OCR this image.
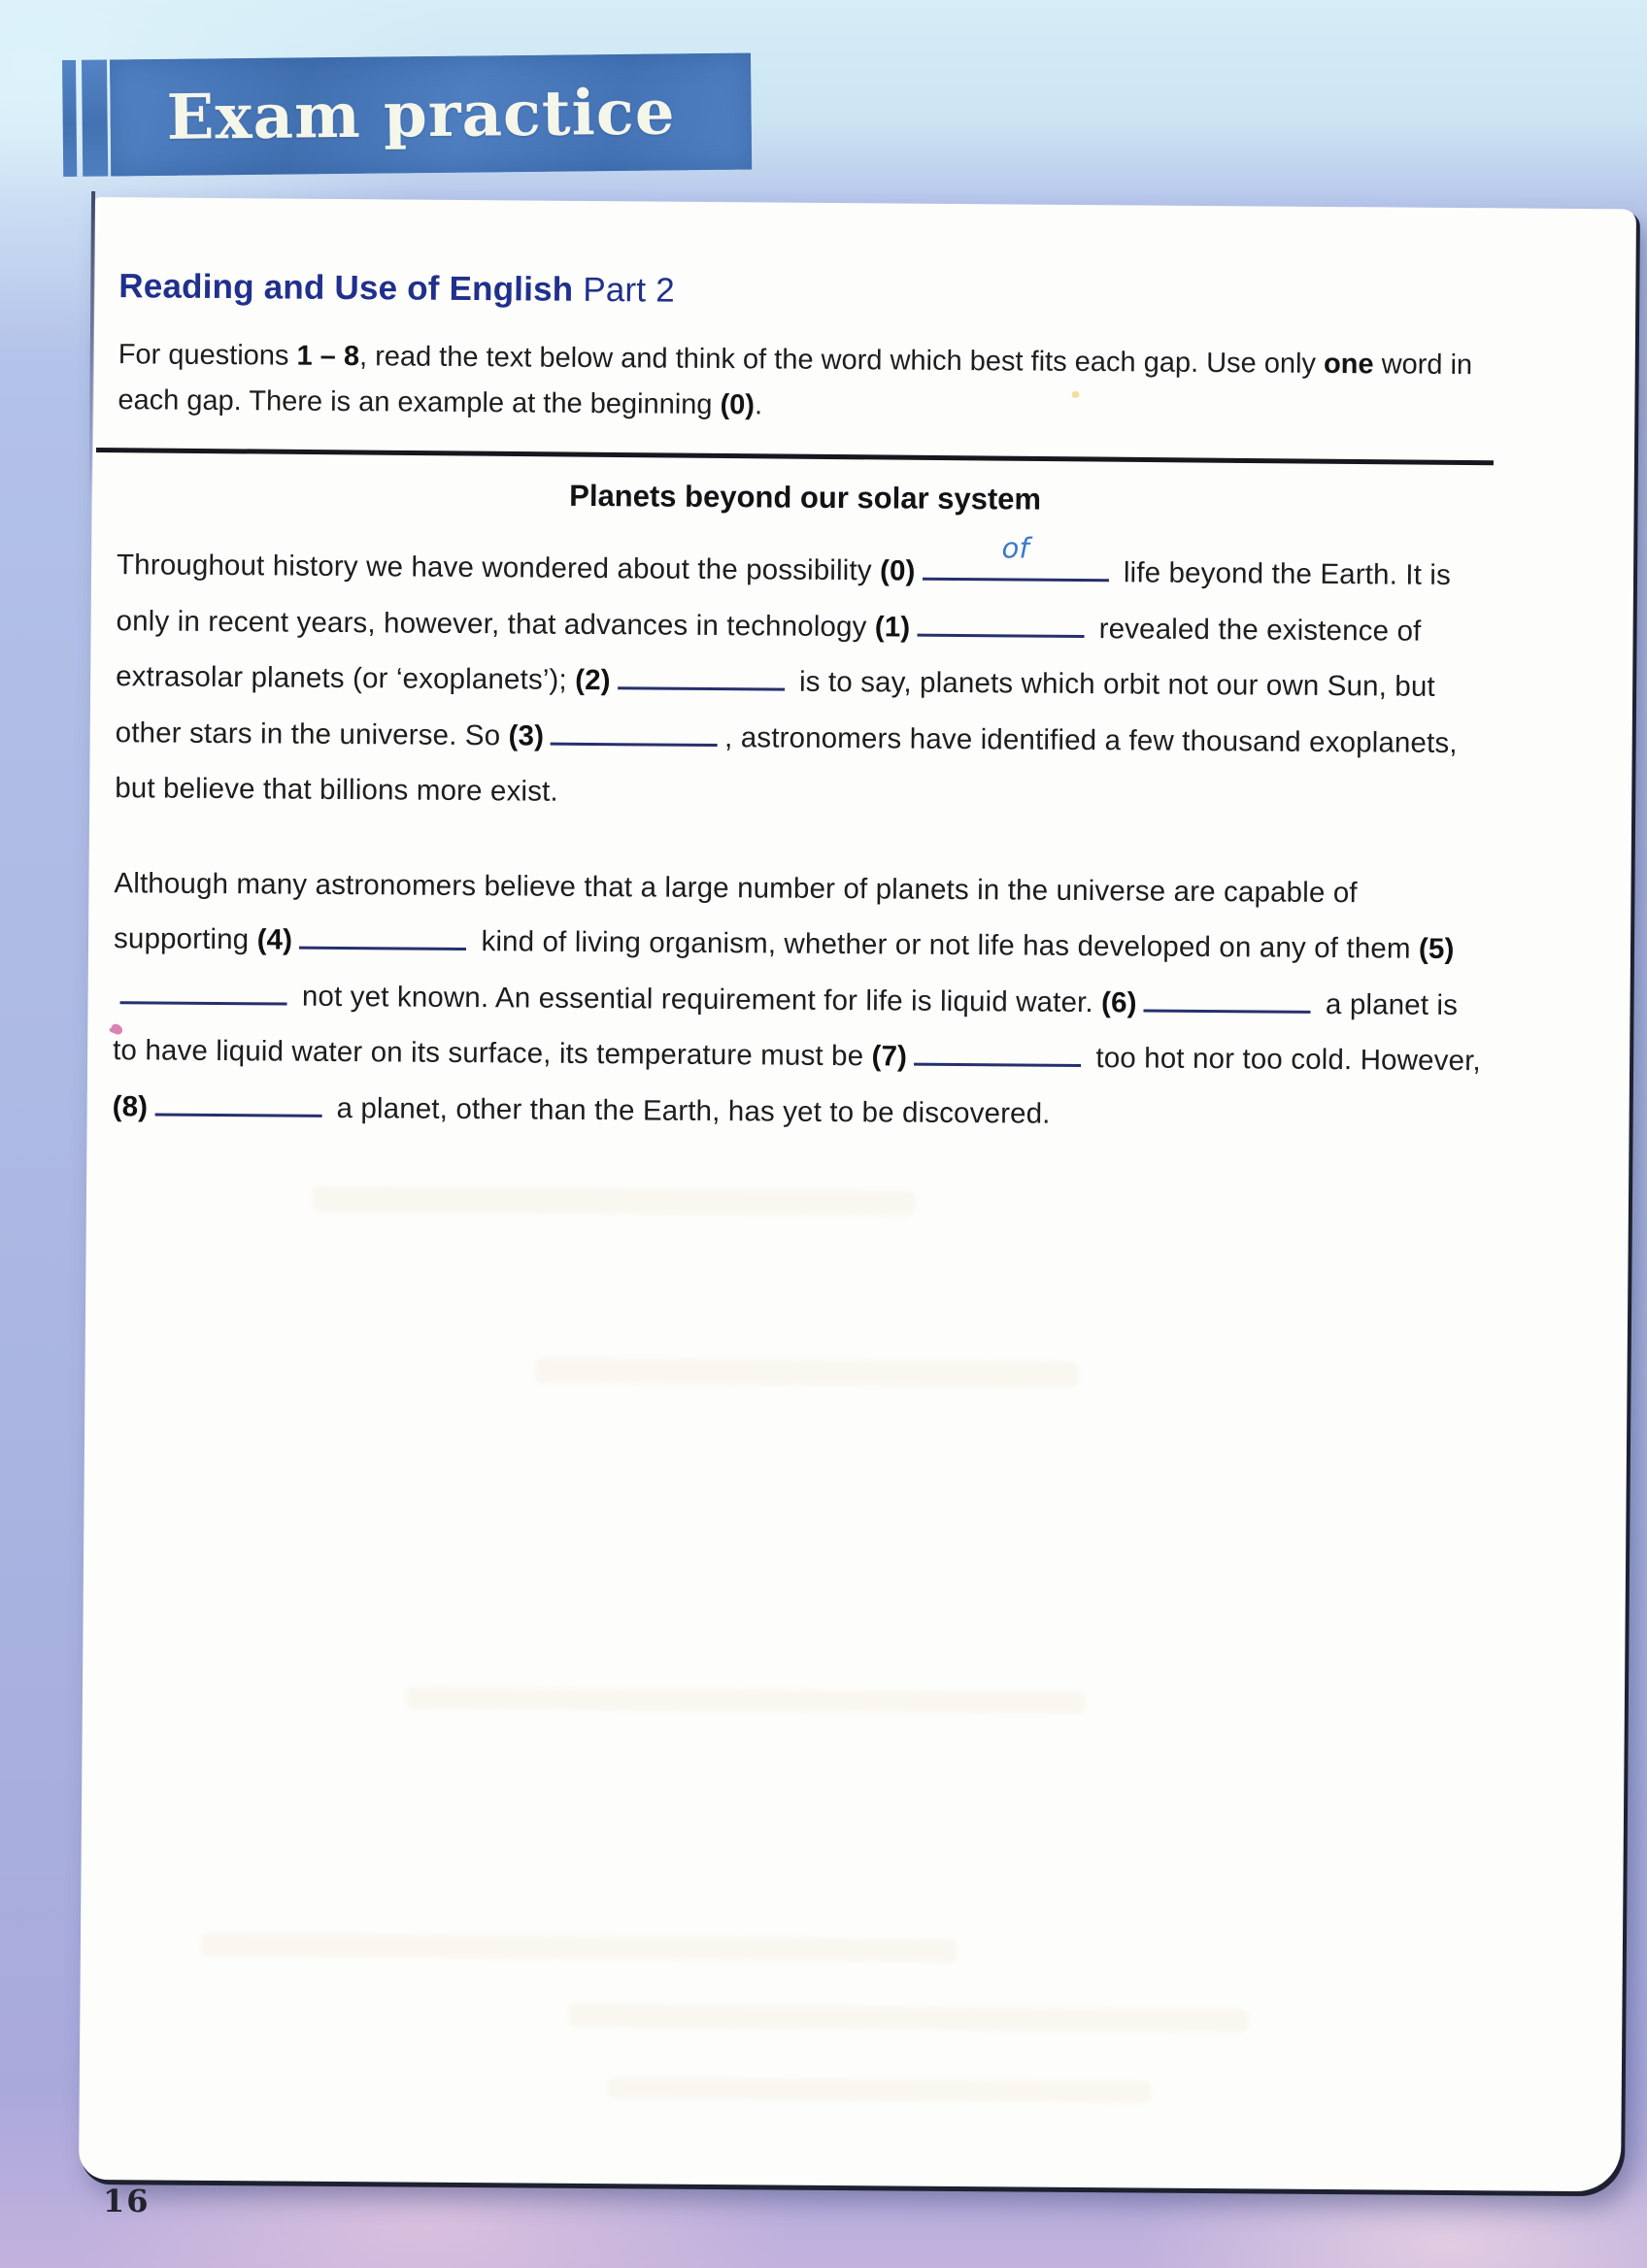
Reading and Use of English Part 2

For questions 1 – 8, read the text below and think of the word which best fits each gap. Use only one word in each gap. There is an example at the beginning (0).

Planets beyond our solar system

Throughout history we have wondered about the possibility (0)
of
life beyond the Earth. It is only in recent years, however, that advances in technology (1)	revealed the existence of extrasolar planets (or ‘exoplanets’); (2)	is to say, planets which orbit not our own Sun, but other stars in the universe. So (3)	, astronomers have identified a few thousand exoplanets, but believe that billions more exist.

Although many astronomers believe that a large number of planets in the universe are capable of supporting (4)	kind of living organism, whether or not life has developed on any of them (5) not yet known. An essential requirement for life is liquid water. (6)	a planet is to have liquid water on its surface, its temperature must be (7)	too hot nor too cold. However, (8)	a planet, other than the Earth, has yet to be discovered.

Exam practice
16
